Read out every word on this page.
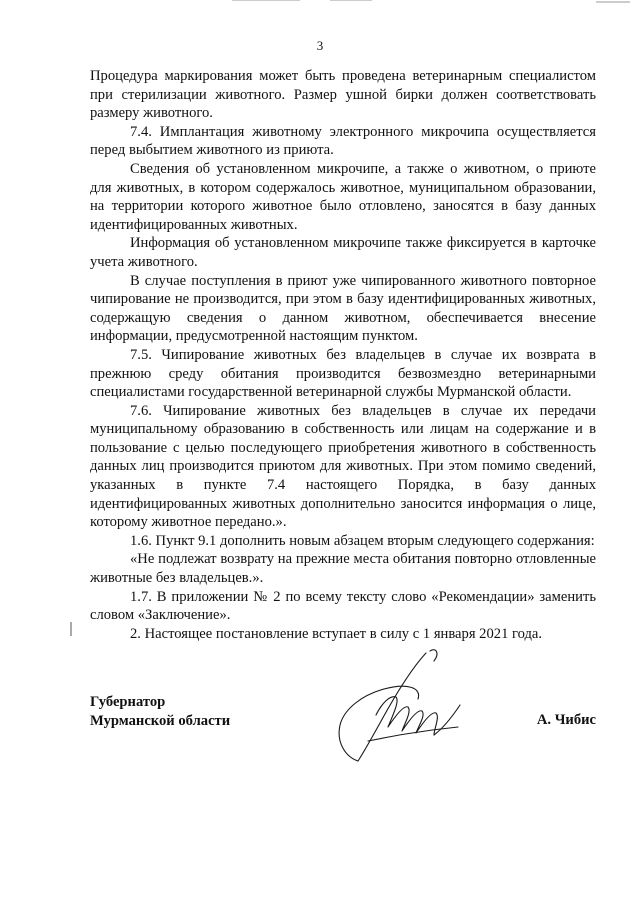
3

Процедура маркирования может быть проведена ветеринарным специалистом при стерилизации животного. Размер ушной бирки должен соответствовать размеру животного.

7.4. Имплантация животному электронного микрочипа осуществляется перед выбытием животного из приюта.

Сведения об установленном микрочипе, а также о животном, о приюте для животных, в котором содержалось животное, муниципальном образовании, на территории которого животное было отловлено, заносятся в базу данных идентифицированных животных.

Информация об установленном микрочипе также фиксируется в карточке учета животного.

В случае поступления в приют уже чипированного животного повторное чипирование не производится, при этом в базу идентифицированных животных, содержащую сведения о данном животном, обеспечивается внесение информации, предусмотренной настоящим пунктом.

7.5. Чипирование животных без владельцев в случае их возврата в прежнюю среду обитания производится безвозмездно ветеринарными специалистами государственной ветеринарной службы Мурманской области.

7.6. Чипирование животных без владельцев в случае их передачи муниципальному образованию в собственность или лицам на содержание и в пользование с целью последующего приобретения животного в собственность данных лиц производится приютом для животных. При этом помимо сведений, указанных в пункте 7.4 настоящего Порядка, в базу данных идентифицированных животных дополнительно заносится информация о лице, которому животное передано.».

1.6. Пункт 9.1 дополнить новым абзацем вторым следующего содержания:

«Не подлежат возврату на прежние места обитания повторно отловленные животные без владельцев.».

1.7. В приложении № 2 по всему тексту слово «Рекомендации» заменить словом «Заключение».

2. Настоящее постановление вступает в силу с 1 января 2021 года.

Губернатор
Мурманской области	А. Чибис
